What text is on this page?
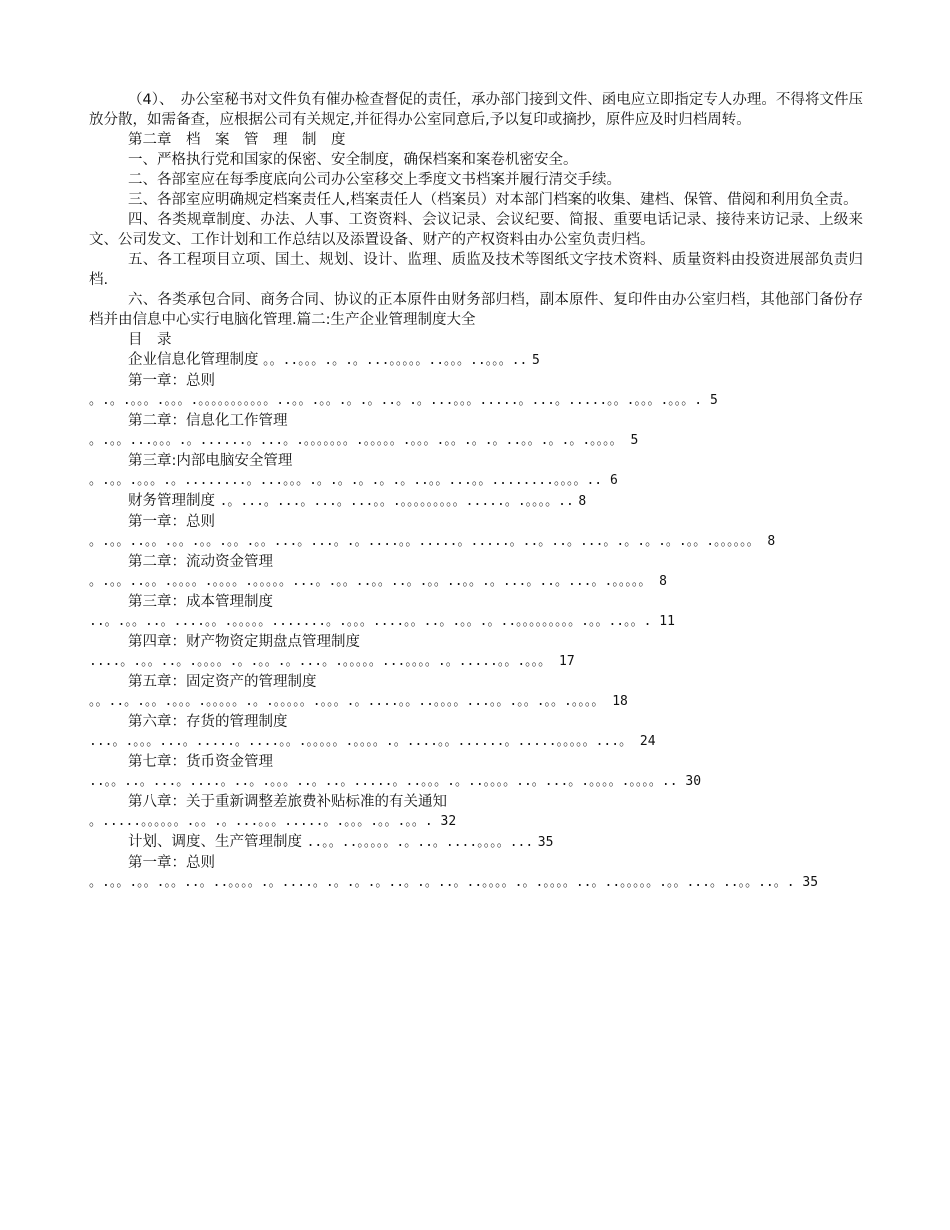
（4）、　办公室秘书对文件负有催办检查督促的责任，承办部门接到文件、函电应立即指定专人办理。不得将文件压放分散，如需备查，应根据公司有关规定,并征得办公室同意后,予以复印或摘抄，原件应及时归档周转。

第二章　档　案　管　理　制　度

一、严格执行党和国家的保密、安全制度，确保档案和案卷机密安全。

二、各部室应在每季度底向公司办公室移交上季度文书档案并履行清交手续。

三、各部室应明确规定档案责任人,档案责任人（档案员）对本部门档案的收集、建档、保管、借阅和利用负全责。

四、各类规章制度、办法、人事、工资资料、会议记录、会议纪要、简报、重要电话记录、接待来访记录、上级来文、公司发文、工作计划和工作总结以及添置设备、财产的产权资料由办公室负责归档。

五、各工程项目立项、国土、规划、设计、监理、质监及技术等图纸文字技术资料、质量资料由投资进展部负责归档.

六、各类承包合同、商务合同、协议的正本原件由财务部归档，副本原件、复印件由办公室归档，其他部门备份存档并由信息中心实行电脑化管理.篇二:生产企业管理制度大全

目　录
企业信息化管理制度 。。..。。。.。.。...。。。。。..。。。..。。。.. 5
第一章：总则
。.。.。。。.。。。.。。。。。。。。。。。..。。.。。.。.。..。.。...。。。.....。...。.....。。.。。。.。。。. 5
第二章：信息化工作管理
。.。。...。。。.。......。...。.。。。。。。。.。。。。。.。。。.。。.。.。..。。.。.。.。。。。 5
第三章:内部电脑安全管理
。.。。.。。。.。........。...。。。.。.。.。.。.。..。。...。。........。。。。.. 6
财务管理制度 .。...。...。...。...。。.。。。。。。。。。.....。.。。。。.. 8
第一章：总则
。.。。..。。.。。.。。.。。.。。...。...。.。....。。.....。.....。..。..。...。.。.。.。.。。.。。。。。。 8
第二章：流动资金管理
。.。。..。。.。。。。.。。。。.。。。。。...。.。。..。。..。.。。..。。.。...。..。...。.。。。。。 8
第三章：成本管理制度
..。.。。..。....。。.。。。。。.......。.。。。....。。..。.。。.。..。。。。。。。。。.。。..。。. 11
第四章：财产物资定期盘点管理制度
....。.。。..。.。。。。.。.。。.。...。.。。。。。...。。。。.。.....。。.。。。 17
第五章：固定资产的管理制度
。。..。.。。.。。。.。。。。。.。.。。。。。.。。。.。....。。..。。。。...。。.。。.。。.。。。。 18
第六章：存货的管理制度
...。.。。。...。.....。....。。.。。。。。.。。。。.。....。。......。.....。。。。。...。 24
第七章：货币资金管理
..。。..。...。....。..。.。。。..。..。.....。..。。。.。..。。。。..。...。.。。。。.。。。。.. 30
第八章：关于重新调整差旅费补贴标准的有关通知
。.....。。。。。。.。。.。...。。。.....。.。。。.。。.。。. 32
计划、调度、生产管理制度 ..。。..。。。。。.。..。....。。。。... 35
第一章：总则
。.。。.。。.。。..。..。。。。.。....。.。.。.。..。.。..。..。。。。.。.。。。。..。..。。。。。.。。...。..。。..。. 35
